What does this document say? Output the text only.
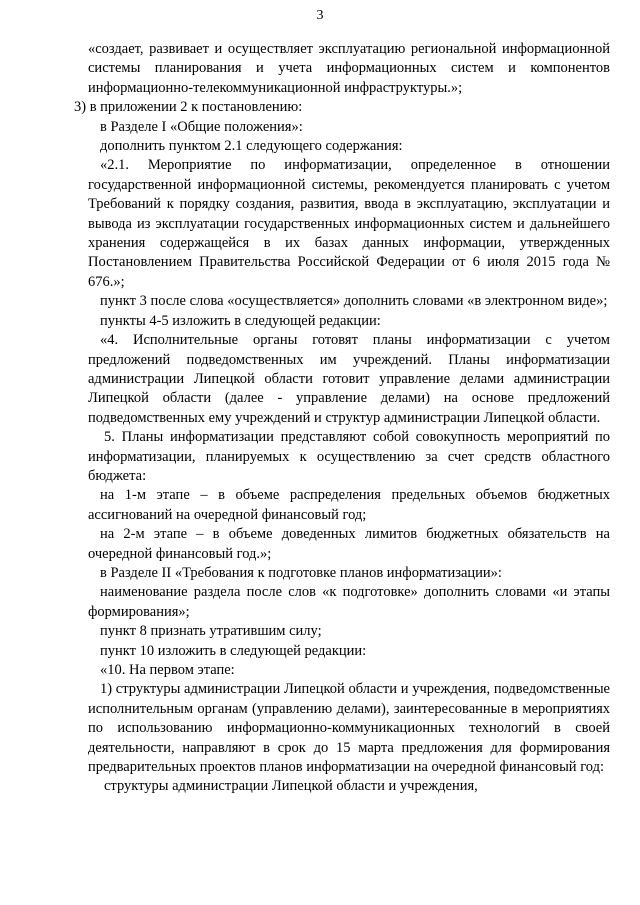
3

«создает, развивает и осуществляет эксплуатацию региональной информационной системы планирования и учета информационных систем и компонентов информационно-телекоммуникационной инфраструктуры.»;

3) в приложении 2 к постановлению:

в Разделе I «Общие положения»:

дополнить пунктом 2.1 следующего содержания:

«2.1. Мероприятие по информатизации, определенное в отношении государственной информационной системы, рекомендуется планировать с учетом Требований к порядку создания, развития, ввода в эксплуатацию, эксплуатации и вывода из эксплуатации государственных информационных систем и дальнейшего хранения содержащейся в их базах данных информации, утвержденных Постановлением Правительства Российской Федерации от 6 июля 2015 года № 676.»;

пункт 3 после слова «осуществляется» дополнить словами «в электронном виде»;

пункты 4-5 изложить в следующей редакции:

«4. Исполнительные органы готовят планы информатизации с учетом предложений подведомственных им учреждений. Планы информатизации администрации Липецкой области готовит управление делами администрации Липецкой области (далее - управление делами) на основе предложений подведомственных ему учреждений и структур администрации Липецкой области.

5. Планы информатизации представляют собой совокупность мероприятий по информатизации, планируемых к осуществлению за счет средств областного бюджета:

на 1-м этапе – в объеме распределения предельных объемов бюджетных ассигнований на очередной финансовый год;

на 2-м этапе – в объеме доведенных лимитов бюджетных обязательств на очередной финансовый год.»;

в Разделе II «Требования к подготовке планов информатизации»:

наименование раздела после слов «к подготовке» дополнить словами «и этапы формирования»;

пункт 8 признать утратившим силу;

пункт 10 изложить в следующей редакции:

«10. На первом этапе:

1) структуры администрации Липецкой области и учреждения, подведомственные исполнительным органам (управлению делами), заинтересованные в мероприятиях по использованию информационно-коммуникационных технологий в своей деятельности, направляют в срок до 15 марта предложения для формирования предварительных проектов планов информатизации на очередной финансовый год:

структуры администрации Липецкой области и учреждения,
